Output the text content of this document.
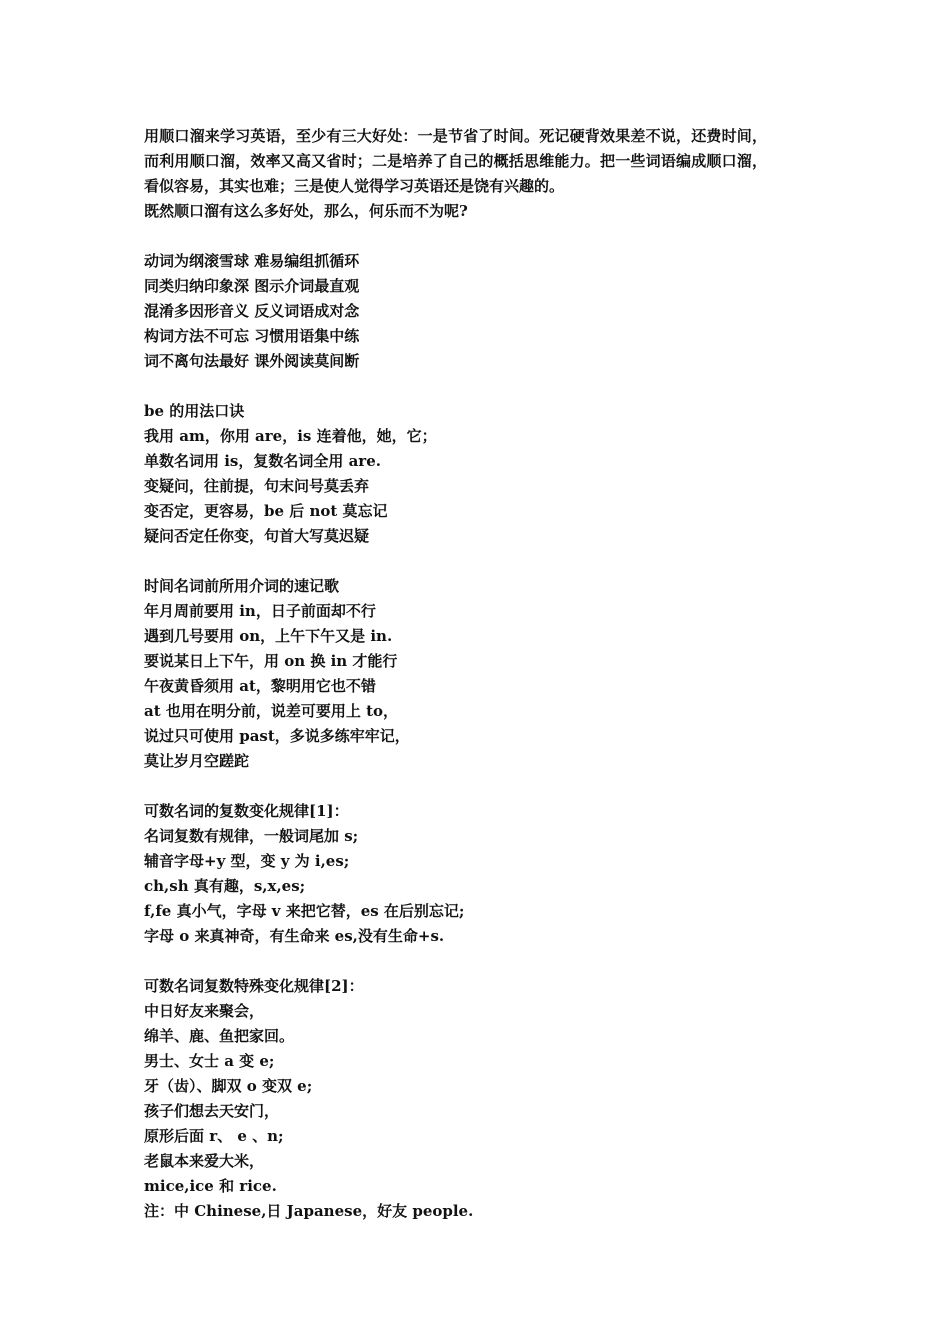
用顺口溜来学习英语，至少有三大好处：一是节省了时间。死记硬背效果差不说，还费时间，
而利用顺口溜，效率又高又省时；二是培养了自己的概括思维能力。把一些词语编成顺口溜，
看似容易，其实也难；三是使人觉得学习英语还是饶有兴趣的。
既然顺口溜有这么多好处，那么，何乐而不为呢?
动词为纲滚雪球 难易编组抓循环
同类归纳印象深 图示介词最直观
混淆多因形音义 反义词语成对念
构词方法不可忘 习惯用语集中练
词不离句法最好 课外阅读莫间断
be 的用法口诀
我用 am，你用 are，is 连着他，她，它；
单数名词用 is，复数名词全用 are.
变疑问，往前提，句末问号莫丢弃
变否定，更容易，be 后 not 莫忘记
疑问否定任你变，句首大写莫迟疑
时间名词前所用介词的速记歌
年月周前要用 in，日子前面却不行
遇到几号要用 on，上午下午又是 in.
要说某日上下午，用 on 换 in 才能行
午夜黄昏须用 at，黎明用它也不错
at 也用在明分前，说差可要用上 to，
说过只可使用 past，多说多练牢牢记，
莫让岁月空蹉跎
可数名词的复数变化规律[1]：
名词复数有规律，一般词尾加 s;
辅音字母+y 型，变 y 为 i,es;
ch,sh 真有趣，s,x,es;
f,fe 真小气，字母 v 来把它替，es 在后别忘记;
字母 o 来真神奇，有生命来 es,没有生命+s.
可数名词复数特殊变化规律[2]：
中日好友来聚会，
绵羊、鹿、鱼把家回。
男士、女士 a 变 e;
牙（齿）、脚双 o 变双 e;
孩子们想去天安门，
原形后面 r、 e 、n;
老鼠本来爱大米，
mice,ice 和 rice.
注：中 Chinese,日 Japanese，好友 people.
